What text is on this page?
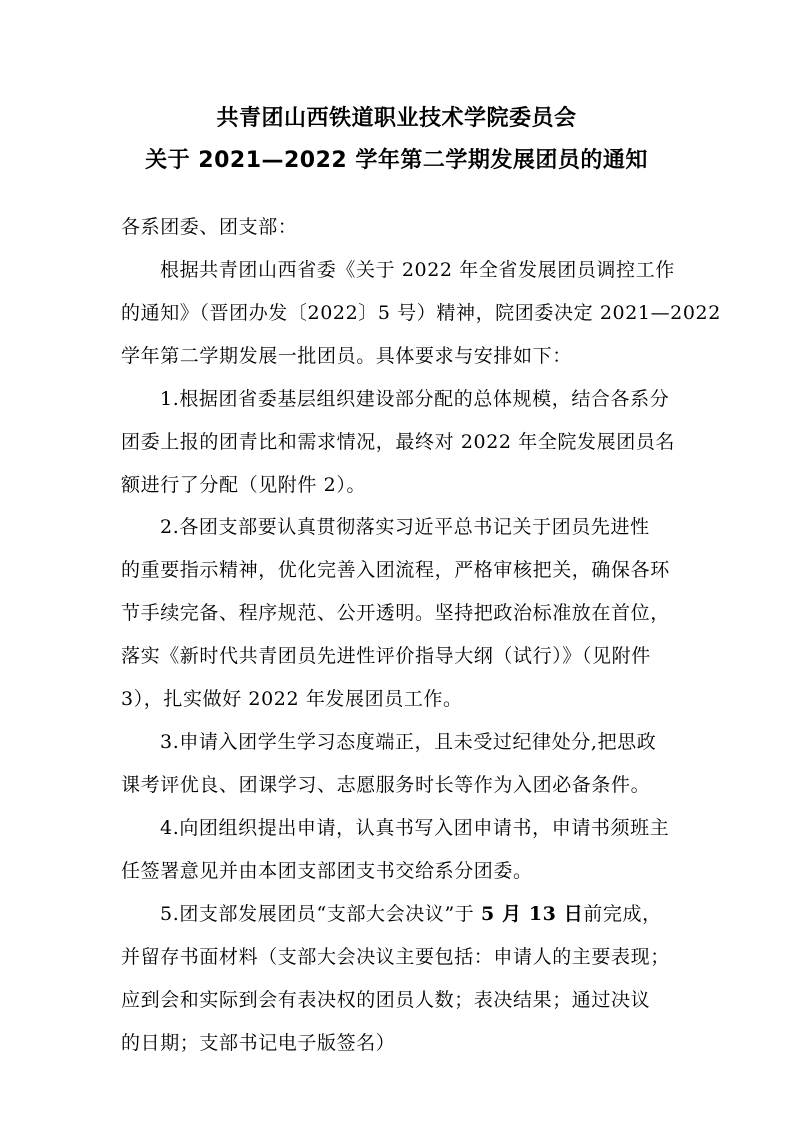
共青团山西铁道职业技术学院委员会
关于 2021—2022 学年第二学期发展团员的通知
各系团委、团支部：
根据共青团山西省委《关于 2022 年全省发展团员调控工作
的通知》（晋团办发〔2022〕5 号）精神，院团委决定 2021—2022
学年第二学期发展一批团员。具体要求与安排如下：
1.根据团省委基层组织建设部分配的总体规模，结合各系分
团委上报的团青比和需求情况，最终对 2022 年全院发展团员名
额进行了分配（见附件 2）。
2.各团支部要认真贯彻落实习近平总书记关于团员先进性
的重要指示精神，优化完善入团流程，严格审核把关，确保各环
节手续完备、程序规范、公开透明。坚持把政治标准放在首位，
落实《新时代共青团员先进性评价指导大纲（试行）》（见附件
3），扎实做好 2022 年发展团员工作。
3.申请入团学生学习态度端正，且未受过纪律处分,把思政
课考评优良、团课学习、志愿服务时长等作为入团必备条件。
4.向团组织提出申请，认真书写入团申请书，申请书须班主
任签署意见并由本团支部团支书交给系分团委。
5.团支部发展团员“支部大会决议”于 5 月 13 日前完成，
并留存书面材料（支部大会决议主要包括：申请人的主要表现；
应到会和实际到会有表决权的团员人数；表决结果；通过决议
的日期；支部书记电子版签名）
